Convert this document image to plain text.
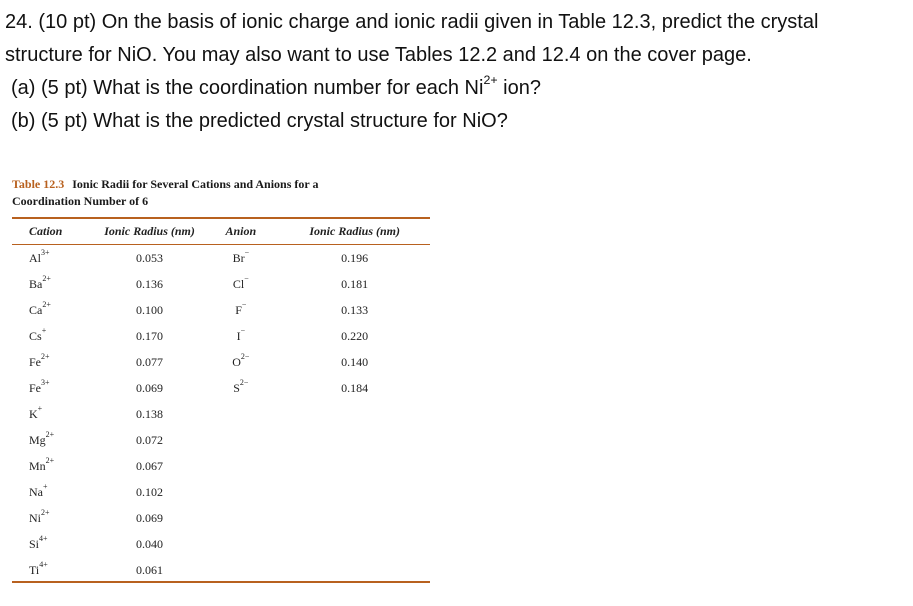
24. (10 pt) On the basis of ionic charge and ionic radii given in Table 12.3, predict the crystal
structure for NiO. You may also want to use Tables 12.2 and 12.4 on the cover page.
(a) (5 pt) What is the coordination number for each $Ni^{2+}$ ion?
(b) (5 pt) What is the predicted crystal structure for NiO?
Table 12.3 Ionic Radii for Several Cations and Anions for a
Coordination Number of 6
Cation	Ionic Radius (nm)	Anion	Ionic Radius (nm)
$Al^{3+}$	0.053	Br−	0.196
$Ba^{2+}$	0.136	Cl−	0.181
$Ca^{2+}$	0.100	F−	0.133
Cs+	0.170	I−	0.220
$Fe^{2+}$	0.077	$O^{2-}$	0.140
$Fe^{3+}$	0.069	$S^{2-}$	0.184
K+	0.138		
$Mg^{2+}$	0.072		
$Mn^{2+}$	0.067		
Na+	0.102		
$Ni^{2+}$	0.069		
$Si^{4+}$	0.040		
$Ti^{4+}$	0.061		
